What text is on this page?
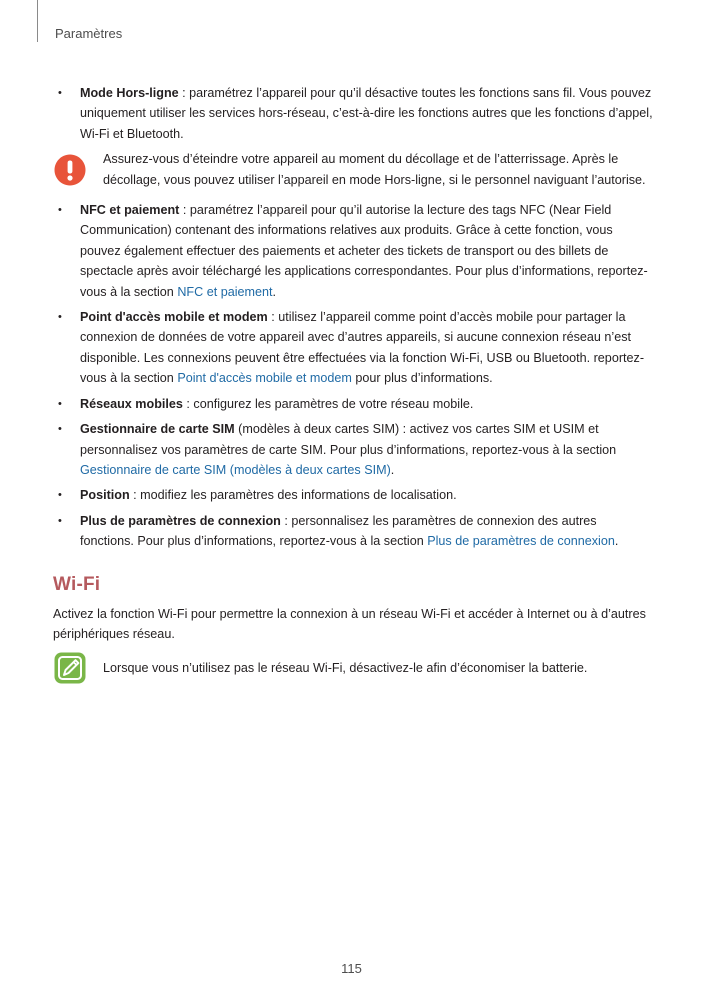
Paramètres
• Mode Hors-ligne : paramétrez l’appareil pour qu’il désactive toutes les fonctions sans fil. Vous pouvez uniquement utiliser les services hors-réseau, c’est-à-dire les fonctions autres que les fonctions d’appel, Wi-Fi et Bluetooth.
Assurez-vous d’éteindre votre appareil au moment du décollage et de l’atterrissage. Après le décollage, vous pouvez utiliser l’appareil en mode Hors-ligne, si le personnel naviguant l’autorise.
• NFC et paiement : paramétrez l’appareil pour qu’il autorise la lecture des tags NFC (Near Field Communication) contenant des informations relatives aux produits. Grâce à cette fonction, vous pouvez également effectuer des paiements et acheter des tickets de transport ou des billets de spectacle après avoir téléchargé les applications correspondantes. Pour plus d’informations, reportez-vous à la section NFC et paiement.
• Point d'accès mobile et modem : utilisez l’appareil comme point d’accès mobile pour partager la connexion de données de votre appareil avec d’autres appareils, si aucune connexion réseau n’est disponible. Les connexions peuvent être effectuées via la fonction Wi-Fi, USB ou Bluetooth. reportez-vous à la section Point d'accès mobile et modem pour plus d’informations.
• Réseaux mobiles : configurez les paramètres de votre réseau mobile.
• Gestionnaire de carte SIM (modèles à deux cartes SIM) : activez vos cartes SIM et USIM et personnalisez vos paramètres de carte SIM. Pour plus d’informations, reportez-vous à la section Gestionnaire de carte SIM (modèles à deux cartes SIM).
• Position : modifiez les paramètres des informations de localisation.
• Plus de paramètres de connexion : personnalisez les paramètres de connexion des autres fonctions. Pour plus d’informations, reportez-vous à la section Plus de paramètres de connexion.
Wi-Fi
Activez la fonction Wi-Fi pour permettre la connexion à un réseau Wi-Fi et accéder à Internet ou à d’autres périphériques réseau.
Lorsque vous n’utilisez pas le réseau Wi-Fi, désactivez-le afin d’économiser la batterie.
115
